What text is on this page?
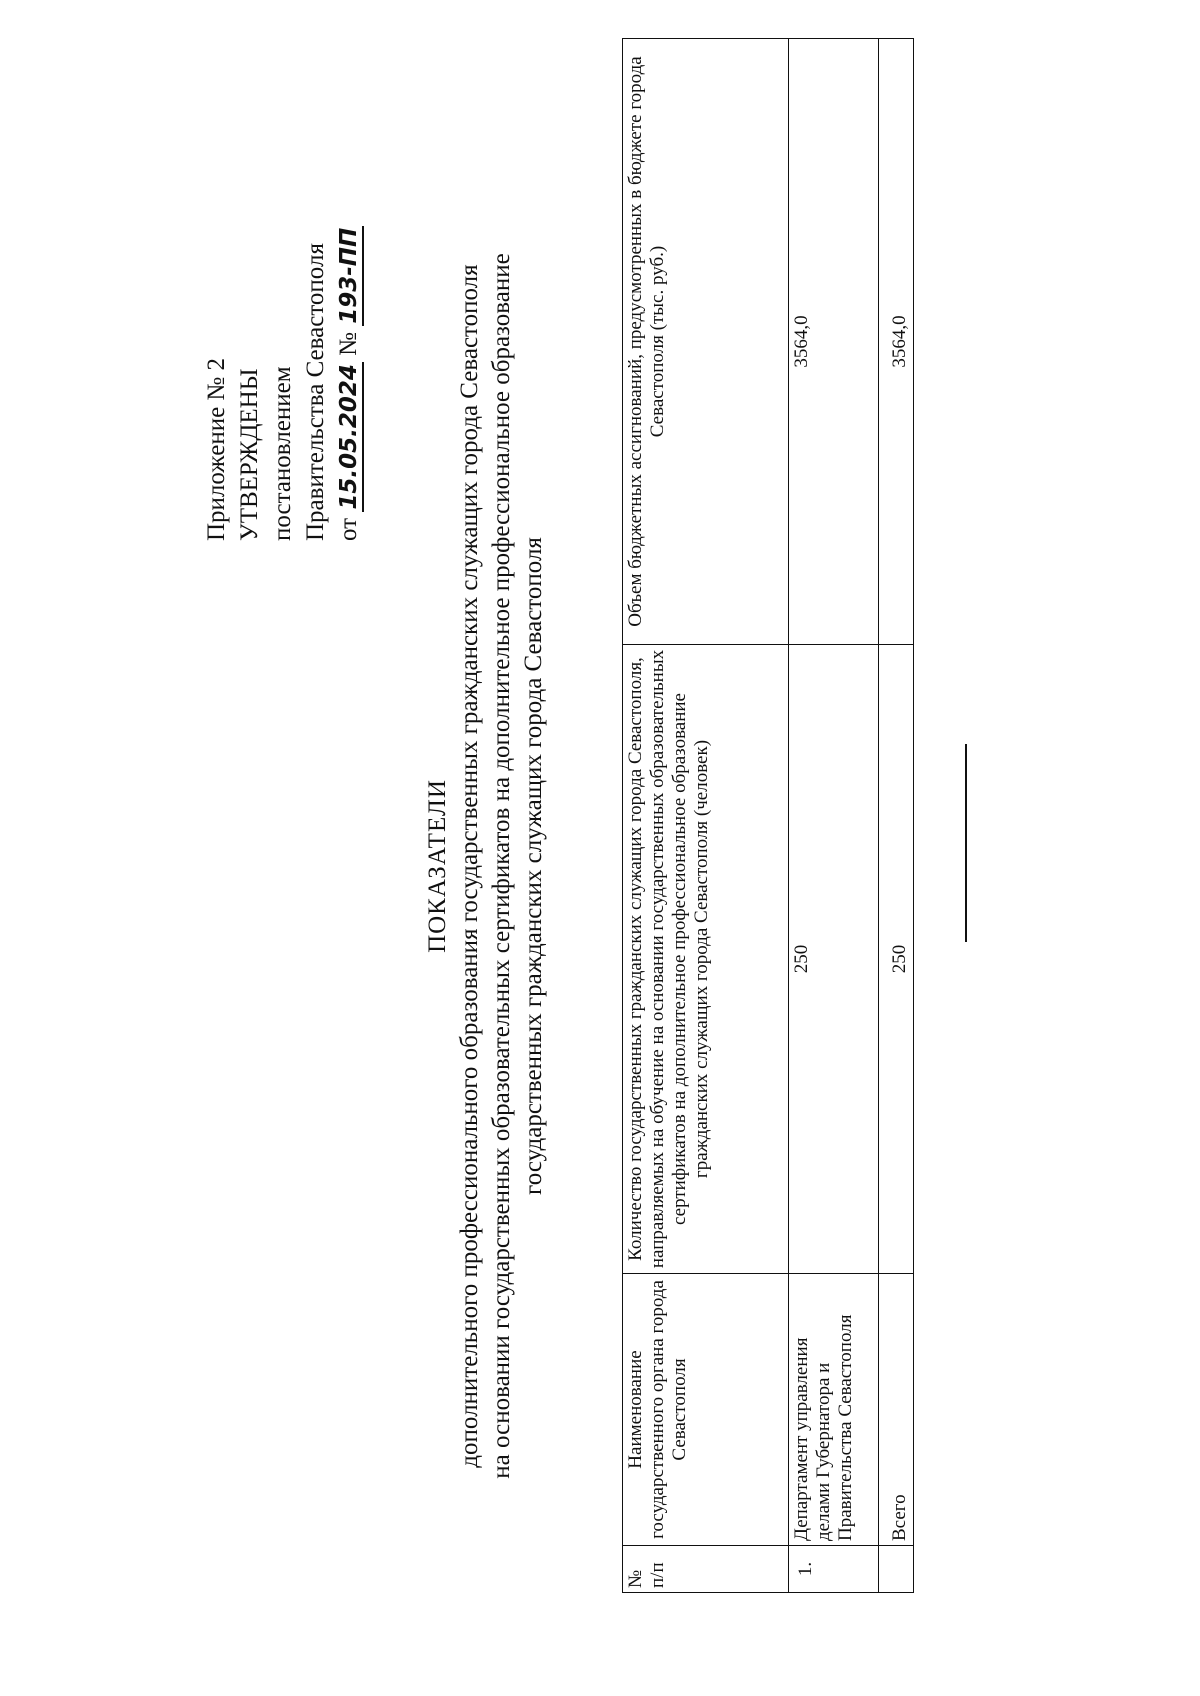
Приложение № 2 УТВЕРЖДЕНЫ постановлением Правительства Севастополя от 15.05.2024 № 193-ПП
ПОКАЗАТЕЛИ дополнительного профессионального образования государственных гражданских служащих города Севастополя на основании государственных образовательных сертификатов на дополнительное профессиональное образование государственных гражданских служащих города Севастополя
№ п/п	Наименование государственного органа города Севастополя	Количество государственных гражданских служащих города Севастополя, направляемых на обучение на основании государственных образовательных сертификатов на дополнительное профессиональное образование гражданских служащих города Севастополя (человек)	Объем бюджетных ассигнований, предусмотренных в бюджете города Севастополя (тыс. руб.)
1.	Департамент управления делами Губернатора и Правительства Севастополя	250	3564,0
	Всего	250	3564,0
